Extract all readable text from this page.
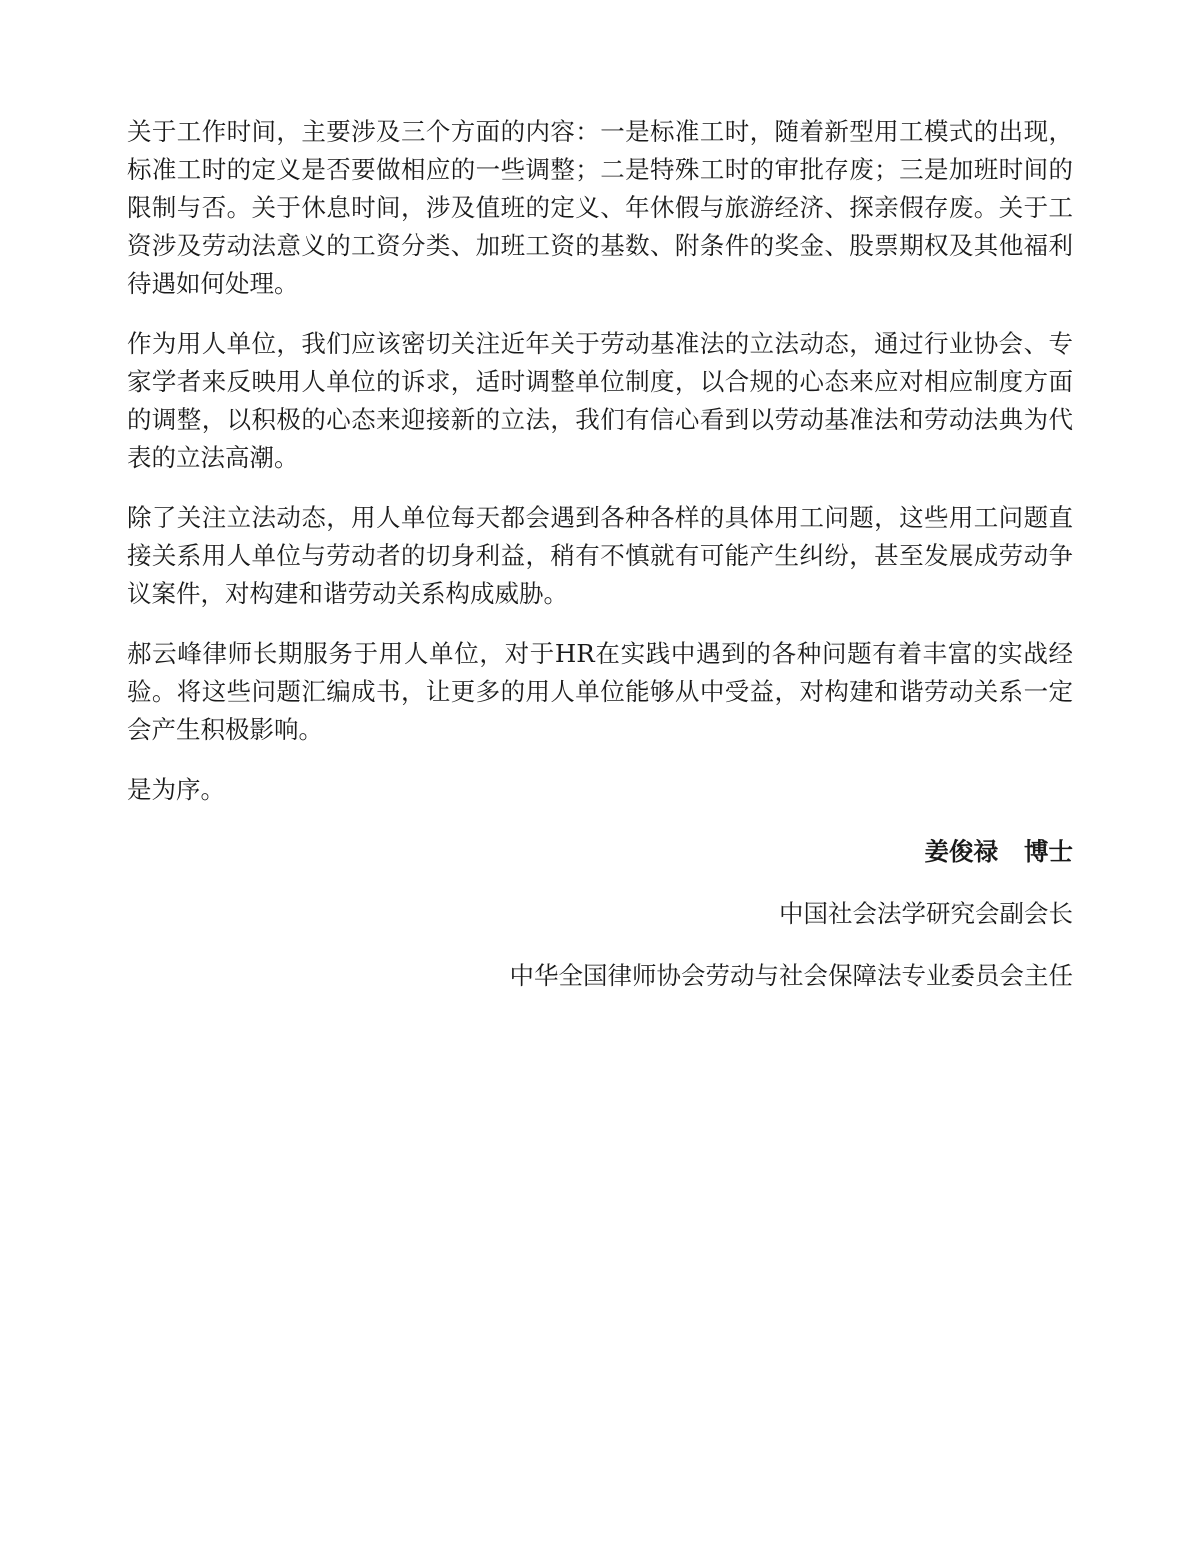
关于工作时间，主要涉及三个方面的内容：一是标准工时，随着新型用工模式的出现，标准工时的定义是否要做相应的一些调整；二是特殊工时的审批存废；三是加班时间的限制与否。关于休息时间，涉及值班的定义、年休假与旅游经济、探亲假存废。关于工资涉及劳动法意义的工资分类、加班工资的基数、附条件的奖金、股票期权及其他福利待遇如何处理。

作为用人单位，我们应该密切关注近年关于劳动基准法的立法动态，通过行业协会、专家学者来反映用人单位的诉求，适时调整单位制度，以合规的心态来应对相应制度方面的调整，以积极的心态来迎接新的立法，我们有信心看到以劳动基准法和劳动法典为代表的立法高潮。

除了关注立法动态，用人单位每天都会遇到各种各样的具体用工问题，这些用工问题直接关系用人单位与劳动者的切身利益，稍有不慎就有可能产生纠纷，甚至发展成劳动争议案件，对构建和谐劳动关系构成威胁。

郝云峰律师长期服务于用人单位，对于HR在实践中遇到的各种问题有着丰富的实战经验。将这些问题汇编成书，让更多的用人单位能够从中受益，对构建和谐劳动关系一定会产生积极影响。

是为序。

姜俊禄 博士
中国社会法学研究会副会长
中华全国律师协会劳动与社会保障法专业委员会主任
